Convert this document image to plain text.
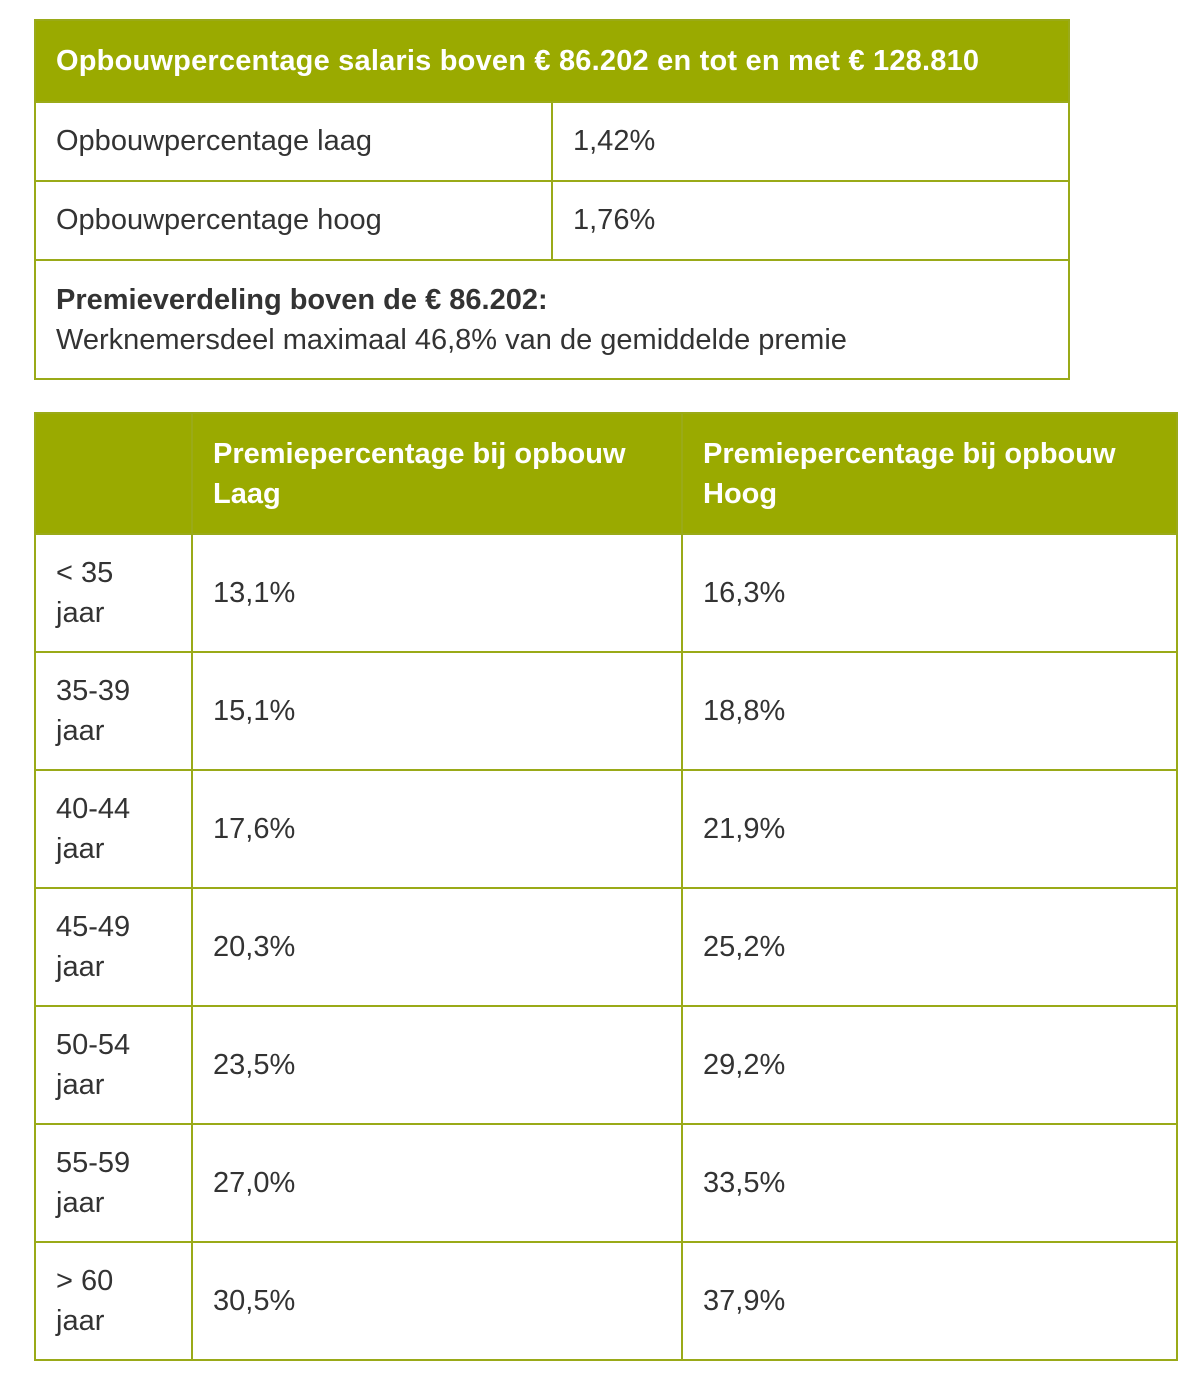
Opbouwpercentage salaris boven € 86.202 en tot en met € 128.810	
Opbouwpercentage laag	1,42%
Opbouwpercentage hoog	1,76%

Premieverdeling boven de € 86.202:
Werknemersdeel maximaal 46,8% van de gemiddelde premie	
	Premiepercentage bij opbouw Laag	Premiepercentage bij opbouw Hoog
< 35
jaar	13,1%	16,3%
35-39
jaar	15,1%	18,8%
40-44
jaar	17,6%	21,9%
45-49
jaar	20,3%	25,2%
50-54
jaar	23,5%	29,2%
55-59
jaar	27,0%	33,5%
> 60
jaar	30,5%	37,9%
